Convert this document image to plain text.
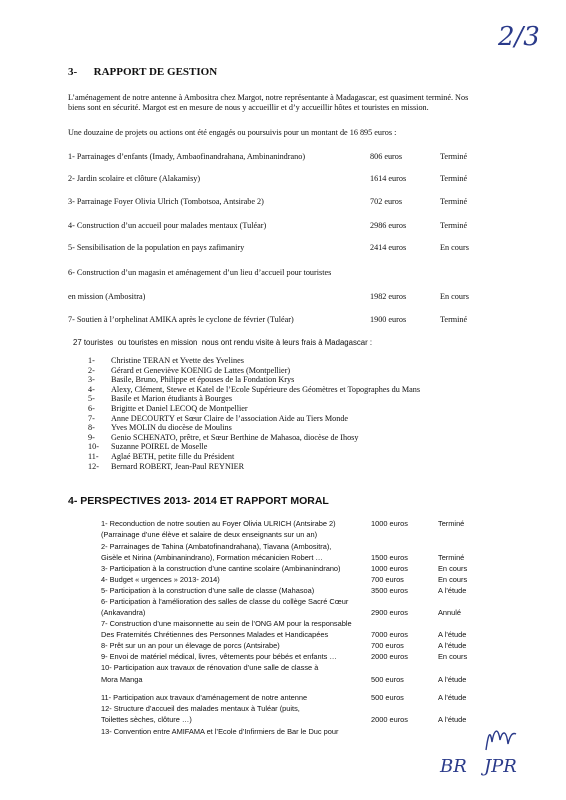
2/3
3-      RAPPORT DE GESTION
L’aménagement de notre antenne à Ambositra chez Margot, notre représentante à Madagascar, est quasiment terminé. Nos
biens sont en sécurité. Margot est en mesure de nous y accueillir et d’y accueillir hôtes et touristes en mission.
Une douzaine de projets ou actions ont été engagés ou poursuivis pour un montant de 16 895 euros :
1- Parrainages d’enfants (Imady, Ambaofinandrahana, Ambinanindrano)	806 euros	Terminé
2- Jardin scolaire et clôture (Alakamisy)	1614 euros	Terminé
3- Parrainage Foyer Olivia Ulrich (Tombotsoa, Antsirabe 2)	702 euros	Terminé
4- Construction d’un accueil pour malades mentaux (Tuléar)	2986 euros	Terminé
5- Sensibilisation de la population en pays zafimaniry	2414 euros	En cours
6- Construction d’un magasin et aménagement d’un lieu d’accueil pour touristes
en mission (Ambositra)	1982 euros	En cours
7- Soutien à l’orphelinat AMIKA après le cyclone de février (Tuléar)	1900 euros	Terminé
27 touristes  ou touristes en mission  nous ont rendu visite à leurs frais à Madagascar :
1- Christine TERAN et Yvette des Yvelines
2- Gérard et Geneviève KOENIG de Lattes (Montpellier)
3- Basile, Bruno, Philippe et épouses de la Fondation Krys
4- Alexy, Clément, Stewe et Katel de l’Ecole Supérieure des Géomètres et Topographes du Mans
5- Basile et Marion étudiants à Bourges
6- Brigitte et Daniel LECOQ de Montpellier
7- Anne DECOURTY et Sœur Claire de l’association Aide au Tiers Monde
8- Yves MOLIN du diocèse de Moulins
9- Genio SCHENATO, prêtre, et Sœur Berthine de Mahasoa, diocèse de Ihosy
10- Suzanne POIREL de Moselle
11- Aglaé BETH, petite fille du Président
12- Bernard ROBERT, Jean-Paul REYNIER
4- PERSPECTIVES 2013- 2014 ET RAPPORT MORAL
1- Reconduction de notre soutien au Foyer Olivia ULRICH (Antsirabe 2)	1000 euros	Terminé
(Parrainage d’une élève et salaire de deux enseignants sur un an)
2- Parrainages de Tahina (Ambatofinandrahana), Tiavana (Ambositra),
Gisèle et Nirina (Ambinanindrano), Formation mécanicien Robert …	1500 euros	Terminé
3- Participation à la construction d’une cantine scolaire (Ambinanindrano)	1000 euros	En cours
4- Budget « urgences » 2013- 2014)	700 euros	En cours
5- Participation à la construction d’une salle de classe (Mahasoa)	3500 euros	A l’étude
6- Participation à l’amélioration des salles de classe du collège Sacré Cœur
(Ankavandra)	2900 euros	Annulé
7- Construction d’une maisonnette au sein de l’ONG AM pour la responsable
Des Fraternités Chrétiennes des Personnes Malades et Handicapées	7000 euros	A l’étude
8- Prêt sur un an pour un élevage de porcs (Antsirabe)	700 euros	A l’étude
9- Envoi de matériel médical, livres, vêtements pour bébés et enfants …	2000 euros	En cours
10- Participation aux travaux de rénovation d’une salle de classe à
Mora Manga	500 euros	A l’étude
11- Participation aux travaux d’aménagement de notre antenne	500 euros	A l’étude
12- Structure d’accueil des malades mentaux à Tuléar (puits,
Toilettes sèches, clôture …)	2000 euros	A l’étude
13- Convention entre AMIFAMA et l’Ecole d’Infirmiers de Bar le Duc pour
BR   JPR
